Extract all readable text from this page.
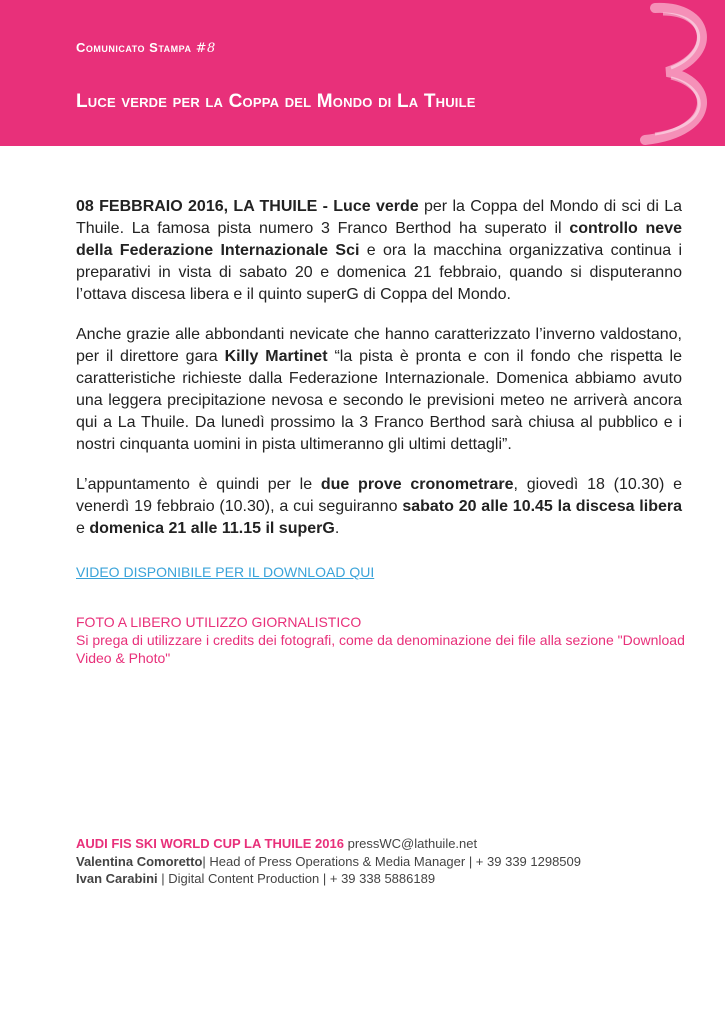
Comunicato Stampa #8
Luce verde per la Coppa del Mondo di La Thuile

08 FEBBRAIO 2016, LA THUILE - Luce verde per la Coppa del Mondo di sci di La Thuile. La famosa pista numero 3 Franco Berthod ha superato il controllo neve della Federazione Internazionale Sci e ora la macchina organizzativa continua i preparativi in vista di sabato 20 e domenica 21 febbraio, quando si disputeranno l’ottava discesa libera e il quinto superG di Coppa del Mondo.

Anche grazie alle abbondanti nevicate che hanno caratterizzato l’inverno valdostano, per il direttore gara Killy Martinet “la pista è pronta e con il fondo che rispetta le caratteristiche richieste dalla Federazione Internazionale. Domenica abbiamo avuto una leggera precipitazione nevosa e secondo le previsioni meteo ne arriverà ancora qui a La Thuile. Da lunedì prossimo la 3 Franco Berthod sarà chiusa al pubblico e i nostri cinquanta uomini in pista ultimeranno gli ultimi dettagli”.

L’appuntamento è quindi per le due prove cronometrare, giovedì 18 (10.30) e venerdì 19 febbraio (10.30), a cui seguiranno sabato 20 alle 10.45 la discesa libera e domenica 21 alle 11.15 il superG.

VIDEO DISPONIBILE PER IL DOWNLOAD QUI
FOTO A LIBERO UTILIZZO GIORNALISTICO
Si prega di utilizzare i credits dei fotografi, come da denominazione dei file alla sezione "Download Video & Photo"
AUDI FIS SKI WORLD CUP LA THUILE 2016 pressWC@lathuile.net
Valentina Comoretto| Head of Press Operations & Media Manager | + 39 339 1298509
Ivan Carabini | Digital Content Production | + 39 338 5886189
